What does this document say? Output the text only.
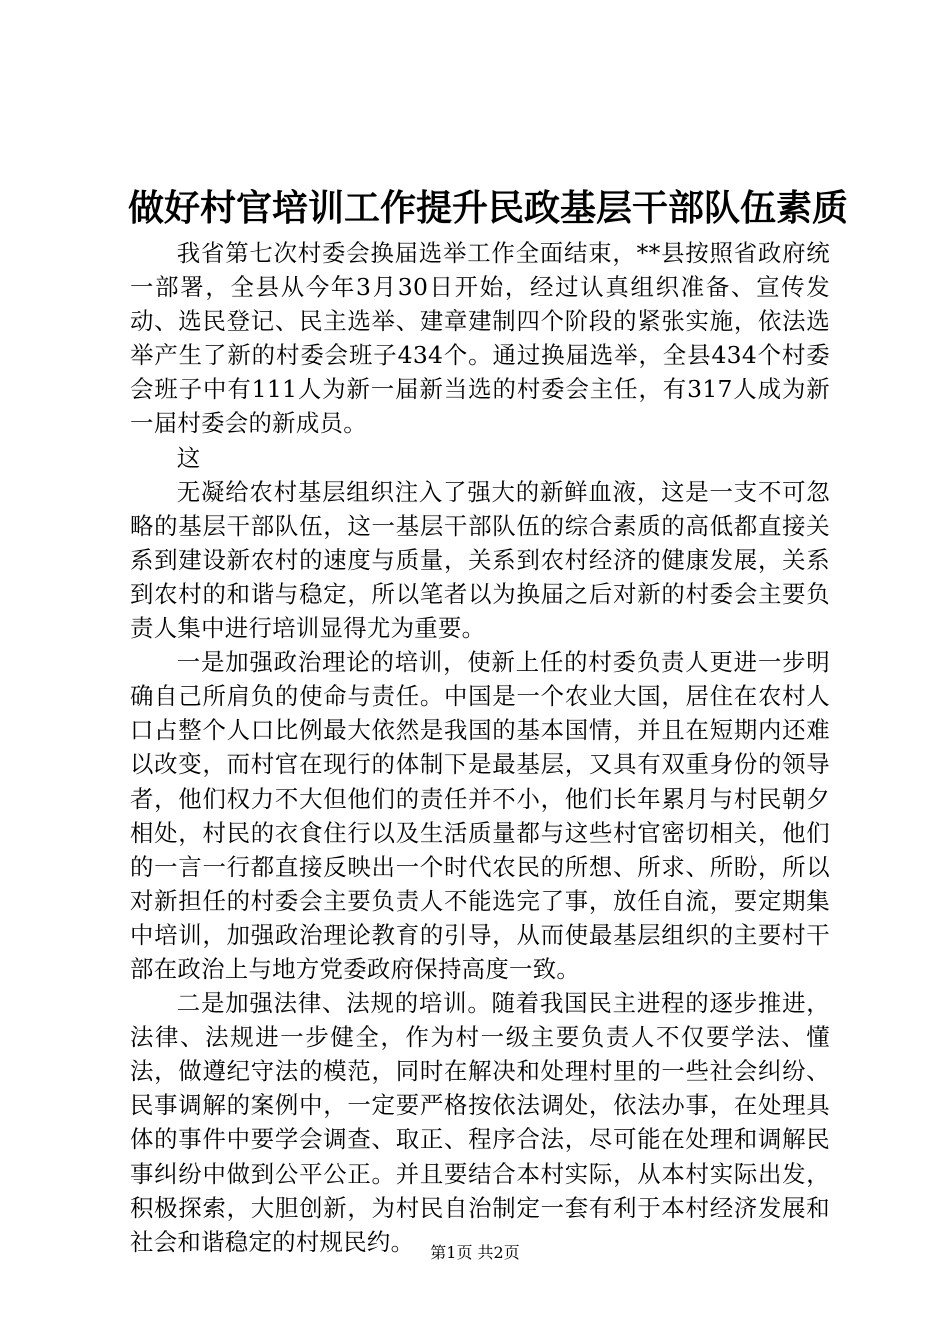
做好村官培训工作提升民政基层干部队伍素质

我省第七次村委会换届选举工作全面结束，**县按照省政府统一部署，全县从今年3月30日开始，经过认真组织准备、宣传发动、选民登记、民主选举、建章建制四个阶段的紧张实施，依法选举产生了新的村委会班子434个。通过换届选举，全县434个村委会班子中有111人为新一届新当选的村委会主任，有317人成为新一届村委会的新成员。

这

无凝给农村基层组织注入了强大的新鲜血液，这是一支不可忽略的基层干部队伍，这一基层干部队伍的综合素质的高低都直接关系到建设新农村的速度与质量，关系到农村经济的健康发展，关系到农村的和谐与稳定，所以笔者以为换届之后对新的村委会主要负责人集中进行培训显得尤为重要。

一是加强政治理论的培训，使新上任的村委负责人更进一步明确自己所肩负的使命与责任。中国是一个农业大国，居住在农村人口占整个人口比例最大依然是我国的基本国情，并且在短期内还难以改变，而村官在现行的体制下是最基层，又具有双重身份的领导者，他们权力不大但他们的责任并不小，他们长年累月与村民朝夕相处，村民的衣食住行以及生活质量都与这些村官密切相关，他们的一言一行都直接反映出一个时代农民的所想、所求、所盼，所以对新担任的村委会主要负责人不能选完了事，放任自流，要定期集中培训，加强政治理论教育的引导，从而使最基层组织的主要村干部在政治上与地方党委政府保持高度一致。

二是加强法律、法规的培训。随着我国民主进程的逐步推进，法律、法规进一步健全，作为村一级主要负责人不仅要学法、懂法，做遵纪守法的模范，同时在解决和处理村里的一些社会纠纷、民事调解的案例中，一定要严格按依法调处，依法办事，在处理具体的事件中要学会调查、取正、程序合法，尽可能在处理和调解民事纠纷中做到公平公正。并且要结合本村实际，从本村实际出发，积极探索，大胆创新，为村民自治制定一套有利于本村经济发展和社会和谐稳定的村规民约。 第1页 共2页
